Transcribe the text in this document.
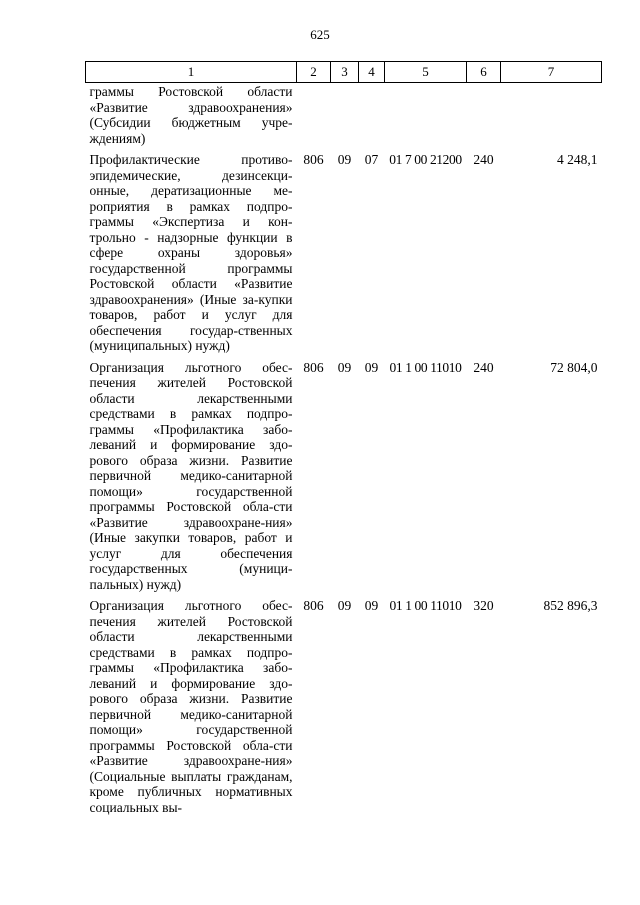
625
1	2	3	4	5	6	7
граммы Ростовской области «Развитие здравоохранения» (Субсидии бюджетным учре-ждениям)						
Профилактические противо-эпидемические, дезинсекци-онные, дератизационные ме-роприятия в рамках подпро-граммы «Экспертиза и кон-трольно - надзорные функции в сфере охраны здоровья» государственной программы Ростовской области «Развитие здравоохранения» (Иные за-купки товаров, работ и услуг для обеспечения государ-ственных (муниципальных) нужд)	806	09	07	01 7 00 21200	240	4 248,1
Организация льготного обес-печения жителей Ростовской области лекарственными средствами в рамках подпро-граммы «Профилактика забо-леваний и формирование здо-рового образа жизни. Развитие первичной медико-санитарной помощи» государственной программы Ростовской обла-сти «Развитие здравоохране-ния» (Иные закупки товаров, работ и услуг для обеспечения государственных (муници-пальных) нужд)	806	09	09	01 1 00 11010	240	72 804,0
Организация льготного обес-печения жителей Ростовской области лекарственными средствами в рамках подпро-граммы «Профилактика забо-леваний и формирование здо-рового образа жизни. Развитие первичной медико-санитарной помощи» государственной программы Ростовской обла-сти «Развитие здравоохране-ния» (Социальные выплаты гражданам, кроме публичных нормативных социальных вы-	806	09	09	01 1 00 11010	320	852 896,3
